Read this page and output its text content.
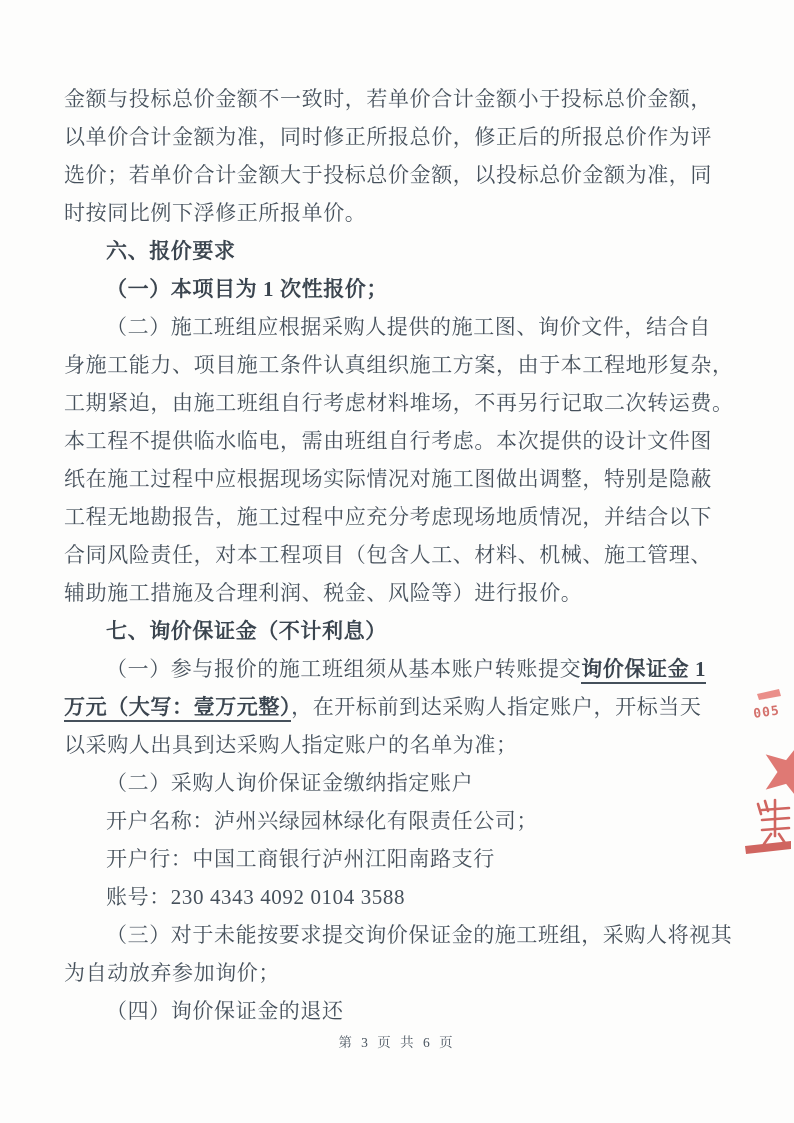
金额与投标总价金额不一致时，若单价合计金额小于投标总价金额，

以单价合计金额为准，同时修正所报总价，修正后的所报总价作为评

选价；若单价合计金额大于投标总价金额，以投标总价金额为准，同

时按同比例下浮修正所报单价。

六、报价要求

（一）本项目为 1 次性报价；

（二）施工班组应根据采购人提供的施工图、询价文件，结合自

身施工能力、项目施工条件认真组织施工方案，由于本工程地形复杂，

工期紧迫，由施工班组自行考虑材料堆场，不再另行记取二次转运费。

本工程不提供临水临电，需由班组自行考虑。本次提供的设计文件图

纸在施工过程中应根据现场实际情况对施工图做出调整，特别是隐蔽

工程无地勘报告，施工过程中应充分考虑现场地质情况，并结合以下

合同风险责任，对本工程项目（包含人工、材料、机械、施工管理、

辅助施工措施及合理利润、税金、风险等）进行报价。

七、询价保证金（不计利息）

（一）参与报价的施工班组须从基本账户转账提交询价保证金 1

万元（大写：壹万元整），在开标前到达采购人指定账户，开标当天

以采购人出具到达采购人指定账户的名单为准；

（二）采购人询价保证金缴纳指定账户

开户名称：泸州兴绿园林绿化有限责任公司；

开户行：中国工商银行泸州江阳南路支行

账号：230 4343 4092 0104 3588

（三）对于未能按要求提交询价保证金的施工班组，采购人将视其

为自动放弃参加询价；

（四）询价保证金的退还

第 3 页 共 6 页
005
